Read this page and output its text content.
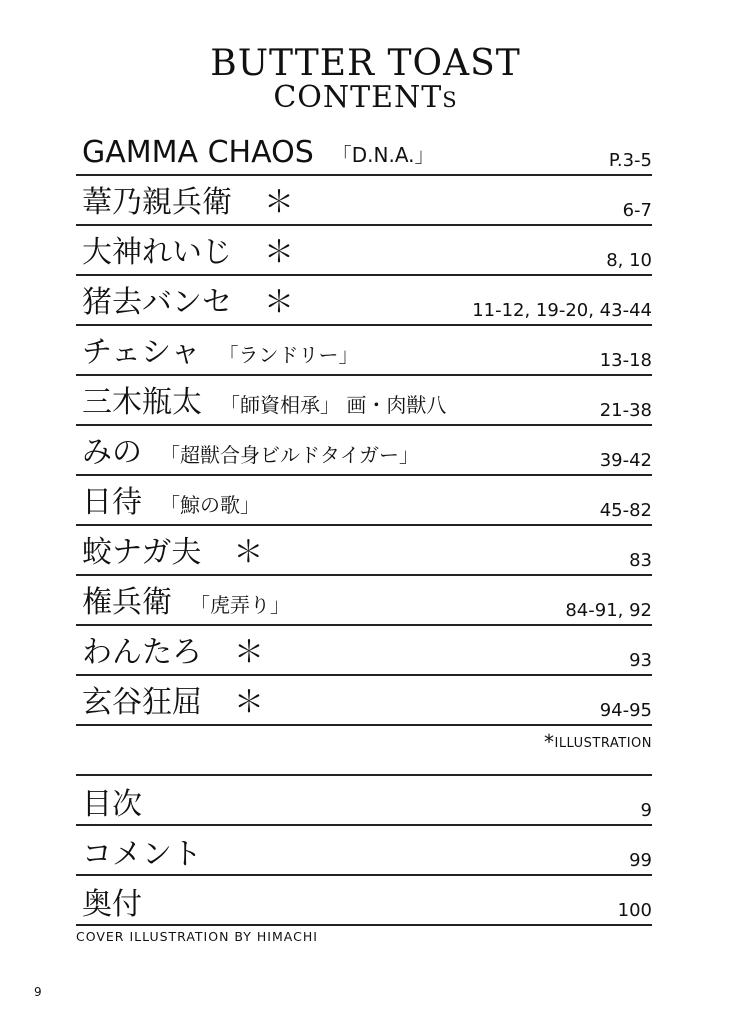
BUTTER TOAST
CONTENTs
GAMMA CHAOS 「D.N.A.」	P.3-5
葦乃親兵衛 ＊	6-7
大神れいじ ＊	8, 10
猪去バンセ ＊	11-12, 19-20, 43-44
チェシャ 「ランドリー」	13-18
三木瓶太 「師資相承」 画・肉獣八	21-38
みの 「超獣合身ビルドタイガー」	39-42
日待 「鯨の歌」	45-82
蛟ナガ夫 ＊	83
権兵衛 「虎弄り」	84-91, 92
わんたろ ＊	93
玄谷狂屈 ＊	94-95
*ILLUSTRATION
目次	9
コメント	99
奥付	100
COVER ILLUSTRATION BY HIMACHI
9
